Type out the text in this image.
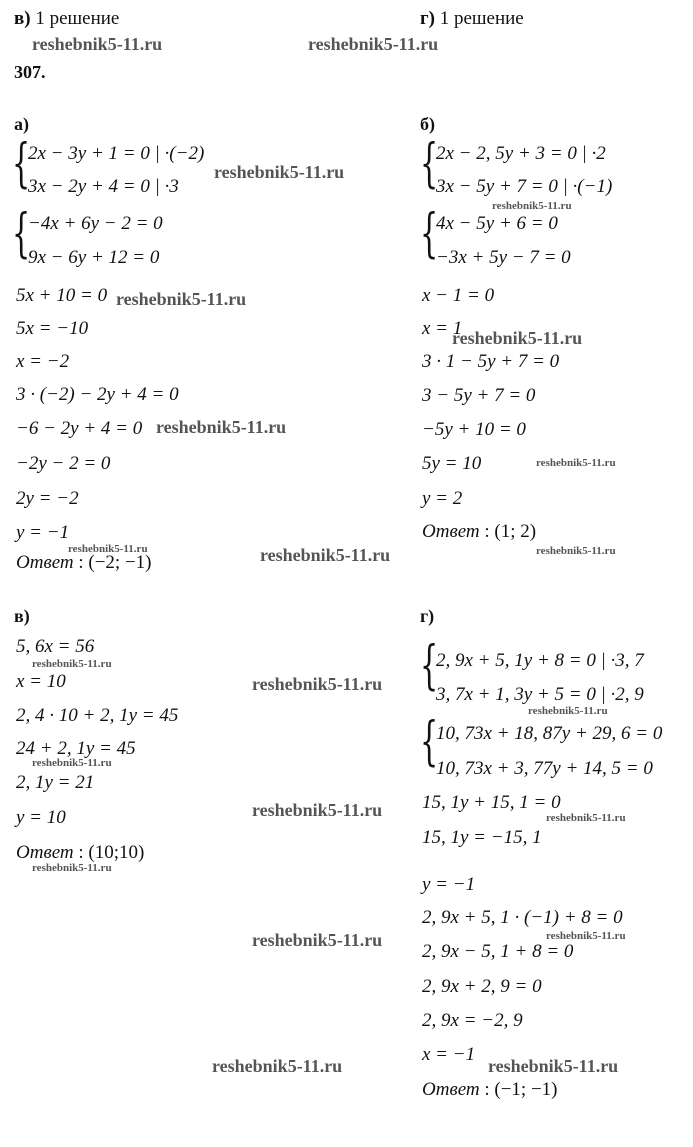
в) 1 решение	г) 1 решение
reshebnik5-11.ru	reshebnik5-11.ru
307.
а)
{
2x − 3y + 1 = 0 | ·(−2)
3x − 2y + 4 = 0 | ·3
reshebnik5-11.ru
{
−4x + 6y − 2 = 0
9x − 6y + 12 = 0
5x + 10 = 0 reshebnik5-11.ru
5x = −10
x = −2
3 · (−2) − 2y + 4 = 0
−6 − 2y + 4 = 0 reshebnik5-11.ru
−2y − 2 = 0
2y = −2
y = −1
reshebnik5-11.ru
Ответ : (−2; −1)	reshebnik5-11.ru
б)
{
2x − 2, 5y + 3 = 0 | ·2
3x − 5y + 7 = 0 | ·(−1)
reshebnik5-11.ru
{
4x − 5y + 6 = 0
−3x + 5y − 7 = 0
x − 1 = 0
x = 1
reshebnik5-11.ru
3 · 1 − 5y + 7 = 0
3 − 5y + 7 = 0
−5y + 10 = 0
5y = 10	reshebnik5-11.ru
y = 2
Ответ : (1; 2)
reshebnik5-11.ru
в)
5, 6x = 56
reshebnik5-11.ru
x = 10	reshebnik5-11.ru
2, 4 · 10 + 2, 1y = 45
24 + 2, 1y = 45
reshebnik5-11.ru
2, 1y = 21
y = 10	reshebnik5-11.ru
Ответ : (10;10)
reshebnik5-11.ru
г)
{
2, 9x + 5, 1y + 8 = 0 | ·3, 7
3, 7x + 1, 3y + 5 = 0 | ·2, 9
reshebnik5-11.ru
{
10, 73x + 18, 87y + 29, 6 = 0
10, 73x + 3, 77y + 14, 5 = 0
15, 1y + 15, 1 = 0
reshebnik5-11.ru
15, 1y = −15, 1
y = −1
2, 9x + 5, 1 · (−1) + 8 = 0
reshebnik5-11.ru	reshebnik5-11.ru
2, 9x − 5, 1 + 8 = 0
2, 9x + 2, 9 = 0
2, 9x = −2, 9
x = −1
reshebnik5-11.ru	reshebnik5-11.ru
Ответ : (−1; −1)
